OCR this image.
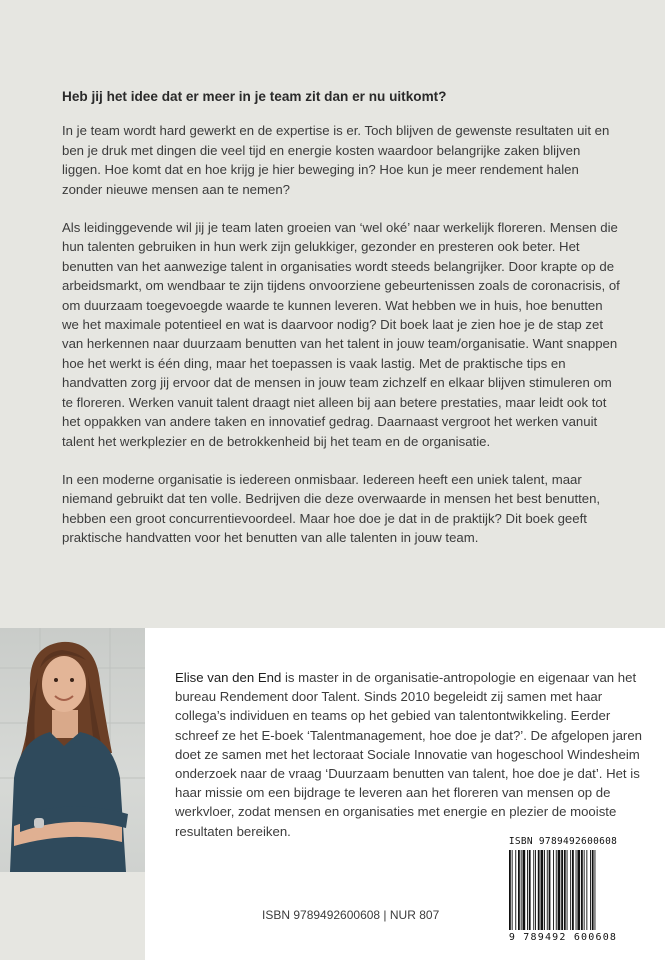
Heb jij het idee dat er meer in je team zit dan er nu uitkomt?

In je team wordt hard gewerkt en de expertise is er. Toch blijven de gewenste resultaten uit en ben je druk met dingen die veel tijd en energie kosten waardoor belangrijke zaken blijven liggen. Hoe komt dat en hoe krijg je hier beweging in? Hoe kun je meer rendement halen zonder nieuwe mensen aan te nemen?

Als leidinggevende wil jij je team laten groeien van ‘wel oké’ naar werkelijk floreren. Mensen die hun talenten gebruiken in hun werk zijn gelukkiger, gezonder en presteren ook beter. Het benutten van het aanwezige talent in organisaties wordt steeds belangrijker. Door krapte op de arbeidsmarkt, om wendbaar te zijn tijdens onvoorziene gebeurtenissen zoals de coronacrisis, of om duurzaam toegevoegde waarde te kunnen leveren. Wat hebben we in huis, hoe benutten we het maximale potentieel en wat is daarvoor nodig? Dit boek laat je zien hoe je de stap zet van herkennen naar duurzaam benutten van het talent in jouw team/organisatie. Want snappen hoe het werkt is één ding, maar het toepassen is vaak lastig. Met de praktische tips en handvatten zorg jij ervoor dat de mensen in jouw team zichzelf en elkaar blijven stimuleren om te floreren. Werken vanuit talent draagt niet alleen bij aan betere prestaties, maar leidt ook tot het oppakken van andere taken en innovatief gedrag. Daarnaast vergroot het werken vanuit talent het werkplezier en de betrokkenheid bij het team en de organisatie.

In een moderne organisatie is iedereen onmisbaar. Iedereen heeft een uniek talent, maar niemand gebruikt dat ten volle. Bedrijven die deze overwaarde in mensen het best benutten, hebben een groot concurrentievoordeel. Maar hoe doe je dat in de praktijk? Dit boek geeft praktische handvatten voor het benutten van alle talenten in jouw team.

Elise van den End is master in de organisatie-antropologie en eigenaar van het bureau Rendement door Talent. Sinds 2010 begeleidt zij samen met haar collega’s individuen en teams op het gebied van talentontwikkeling. Eerder schreef ze het E-boek ‘Talentmanagement, hoe doe je dat?’. De afgelopen jaren doet ze samen met het lectoraat Sociale Innovatie van hogeschool Windesheim onderzoek naar de vraag ‘Duurzaam benutten van talent, hoe doe je dat’. Het is haar missie om een bijdrage te leveren aan het floreren van mensen op de werkvloer, zodat mensen en organisaties met energie en plezier de mooiste resultaten bereiken.

ISBN 9789492600608
9 789492 600608
ISBN 9789492600608 | NUR 807
